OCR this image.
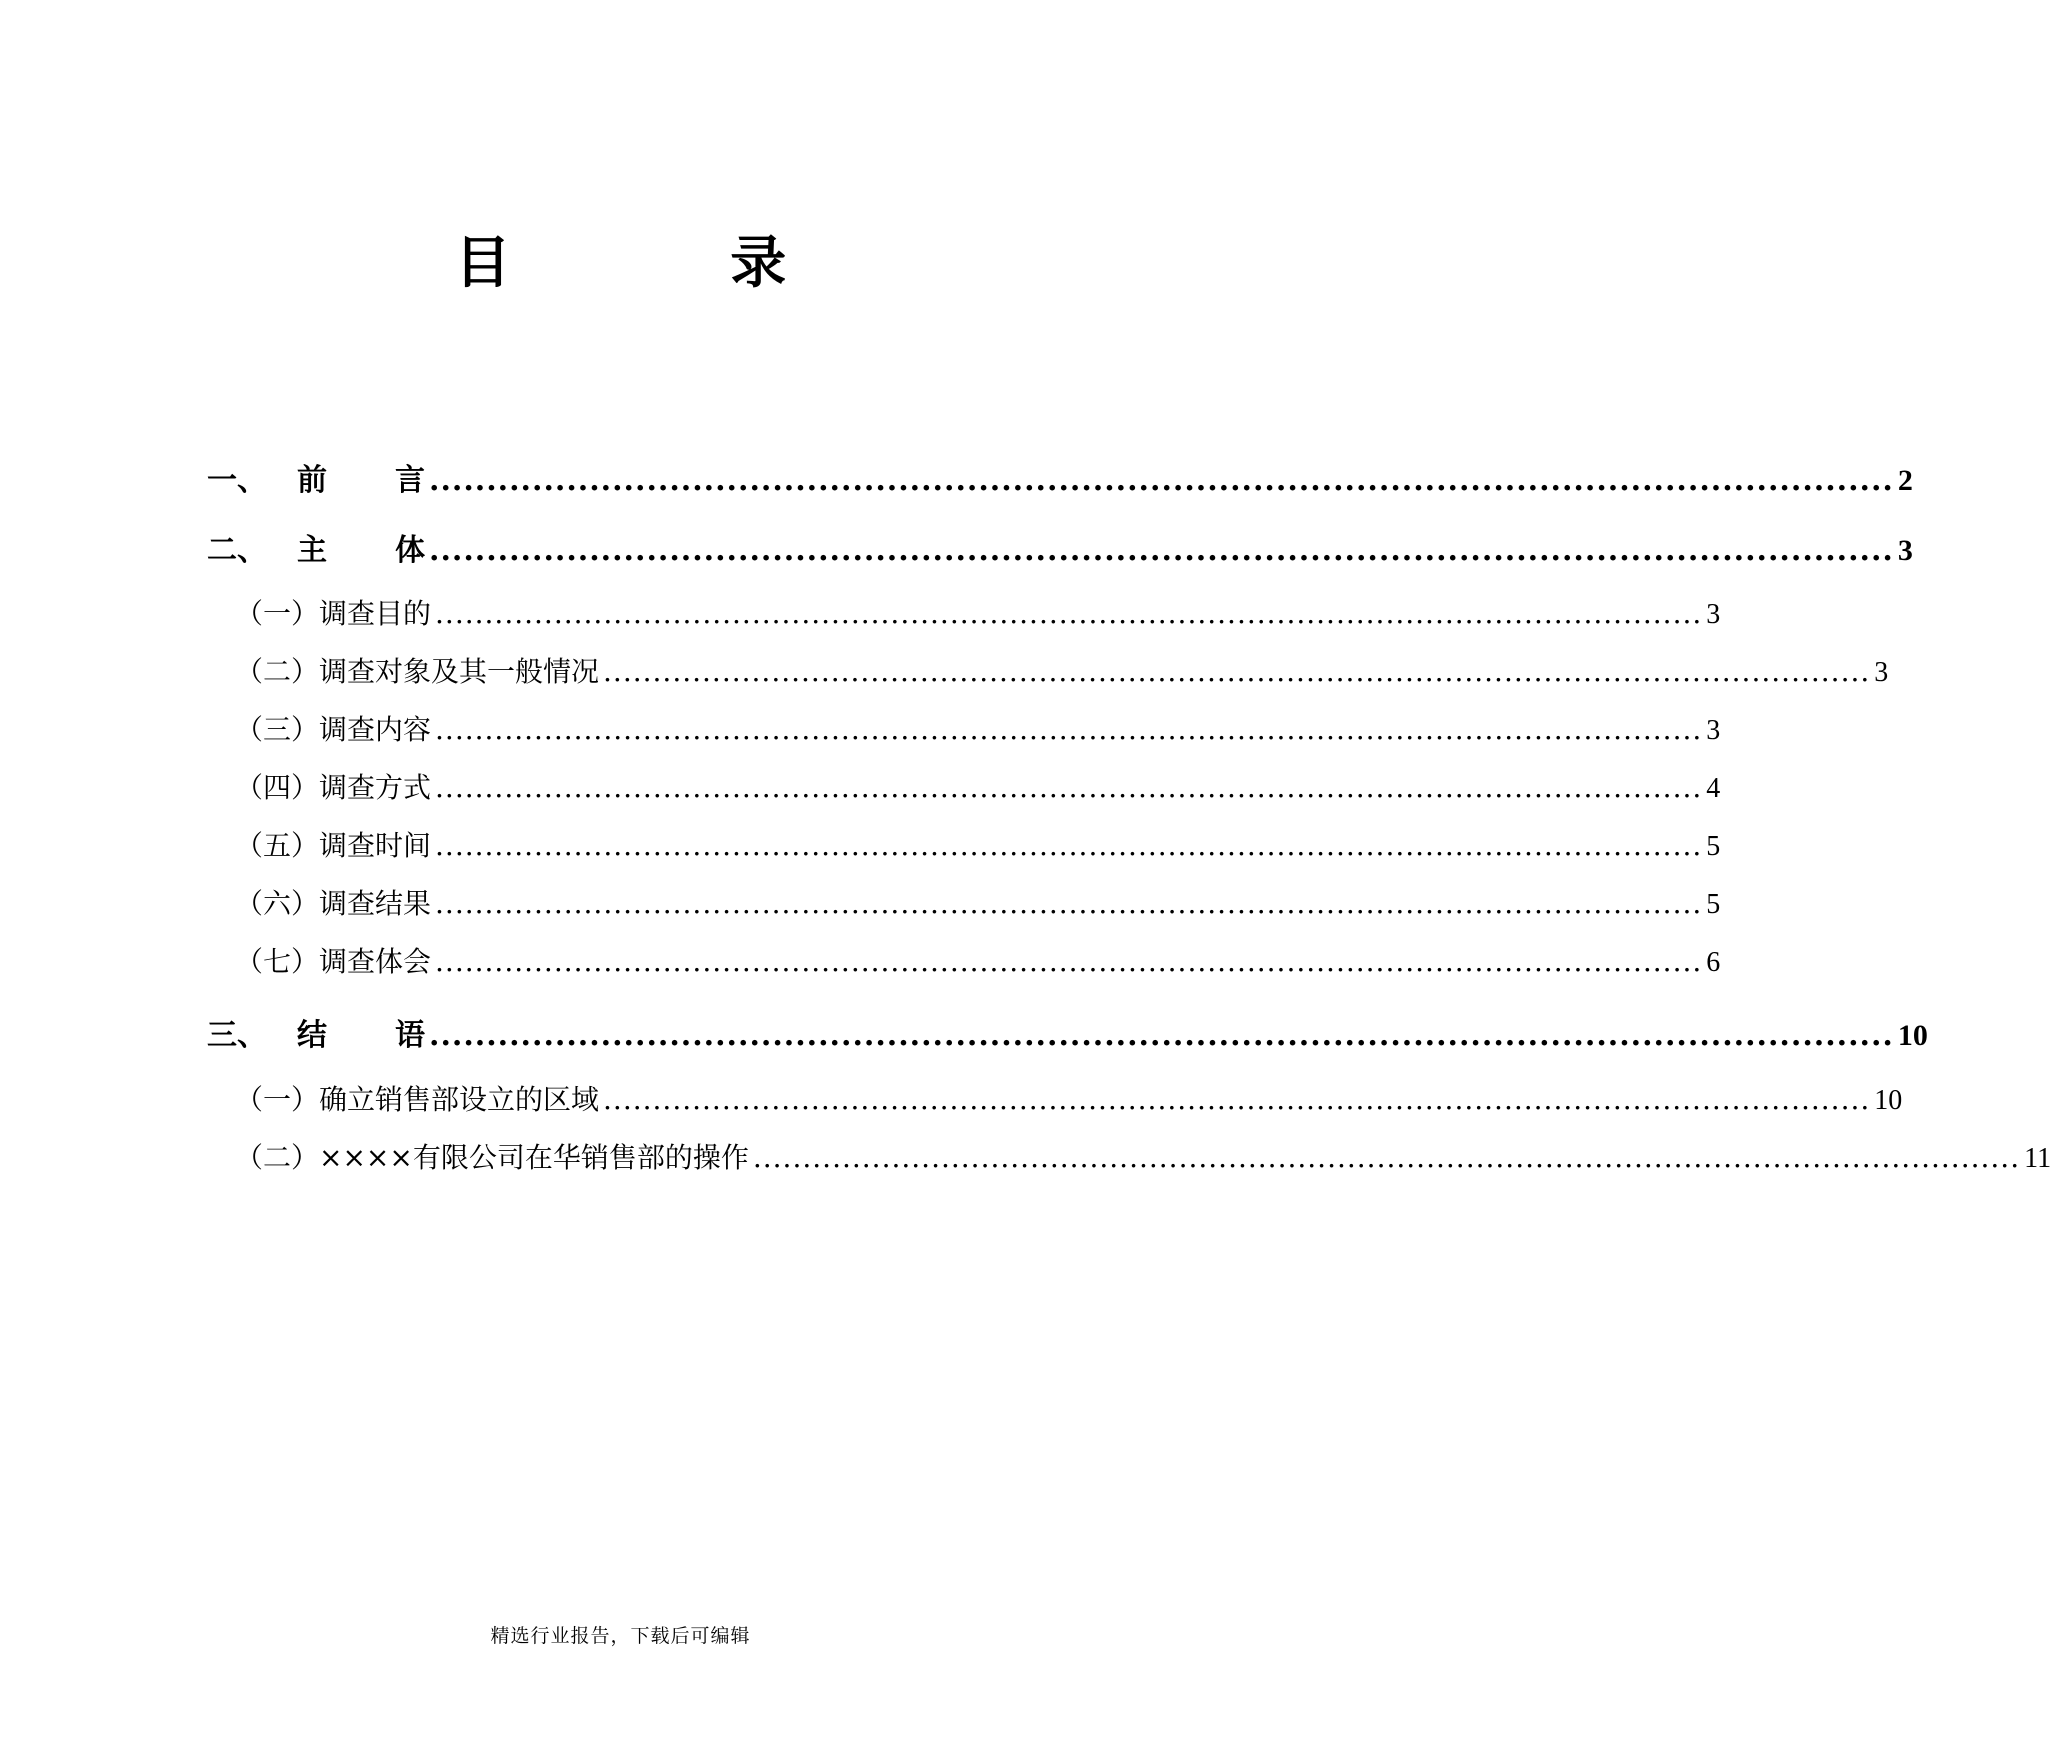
目 录
一、	前言 ................................................................................................................................ 2
二、	主体 ................................................................................................................................ 3
（一）调查目的 ................................................................................................................................ 3
（二）调查对象及其一般情况 ................................................................................................................................ 3
（三）调查内容 ................................................................................................................................ 3
（四）调查方式 ................................................................................................................................ 4
（五）调查时间 ................................................................................................................................ 5
（六）调查结果 ................................................................................................................................ 5
（七）调查体会 ................................................................................................................................ 6
三、	结语 ................................................................................................................................ 10
（一）确立销售部设立的区域 ................................................................................................................................ 10
（二）××××有限公司在华销售部的操作 ................................................................................................................................ 11
精选行业报告，下载后可编辑
